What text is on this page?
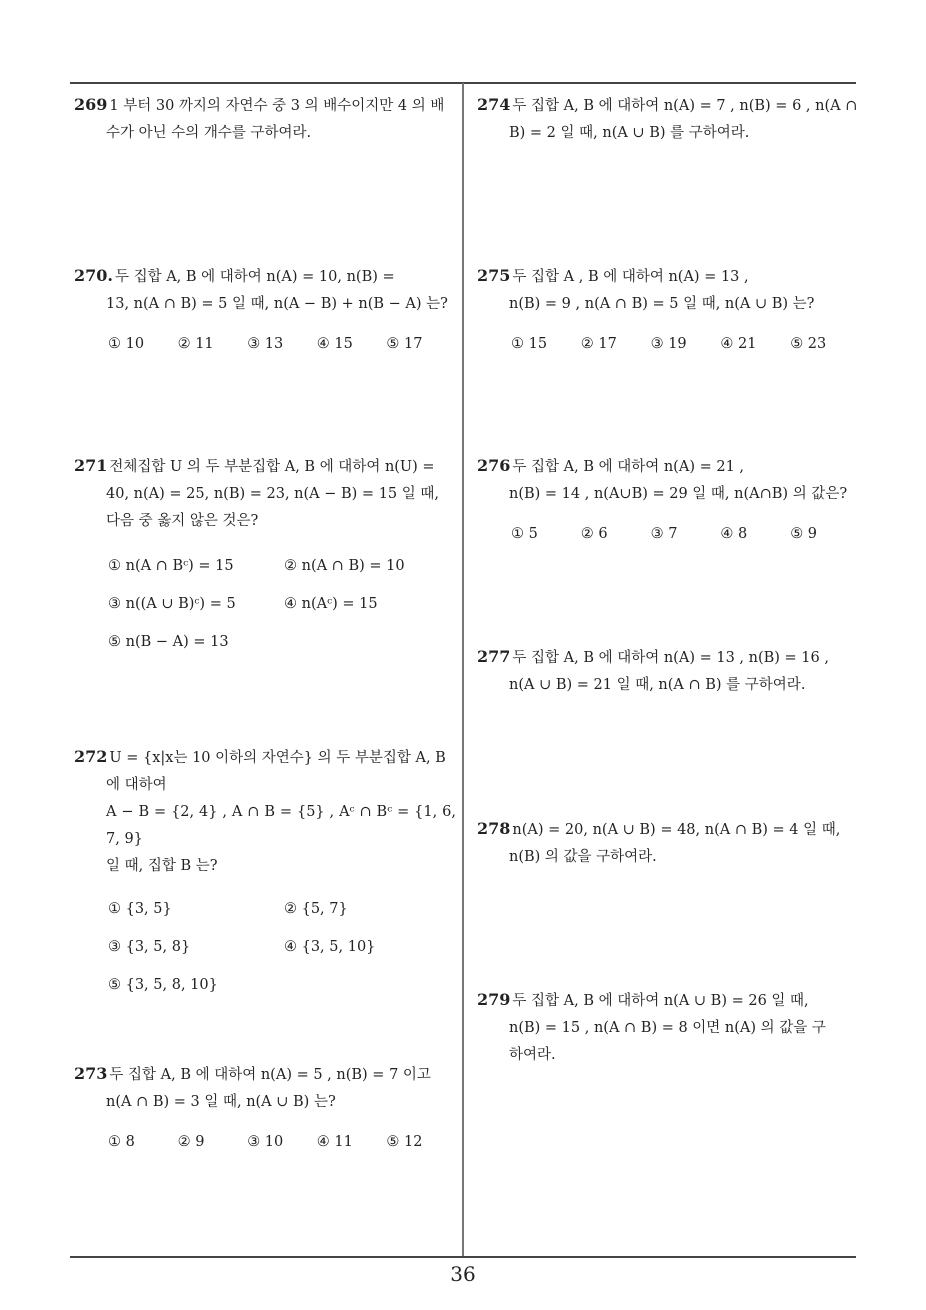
269 1 부터 30 까지의 자연수 중 3 의 배수이지만 4 의 배
수가 아닌 수의 개수를 구하여라.
270. 두 집합 A, B 에 대하여 n(A) = 10, n(B) =
13, n(A ∩ B) = 5 일 때, n(A − B) + n(B − A) 는?
① 10	② 11	③ 13	④ 15	⑤ 17
271 전체집합 U 의 두 부분집합 A, B 에 대하여 n(U) =
40, n(A) = 25, n(B) = 23, n(A − B) = 15 일 때,
다음 중 옳지 않은 것은?
① n(A ∩ Bᶜ) = 15	② n(A ∩ B) = 10
③ n((A ∪ B)ᶜ) = 5	④ n(Aᶜ) = 15
⑤ n(B − A) = 13
272 U = {x|x는 10 이하의 자연수} 의 두 부분집합 A, B
에 대하여
A − B = {2, 4} , A ∩ B = {5} , Aᶜ ∩ Bᶜ = {1, 6, 7, 9}
일 때, 집합 B 는?
① {3, 5}	② {5, 7}
③ {3, 5, 8}	④ {3, 5, 10}
⑤ {3, 5, 8, 10}
273 두 집합 A, B 에 대하여 n(A) = 5 , n(B) = 7 이고
n(A ∩ B) = 3 일 때, n(A ∪ B) 는?
① 8	② 9	③ 10	④ 11	⑤ 12
274 두 집합 A, B 에 대하여 n(A) = 7 , n(B) = 6 , n(A ∩
B) = 2 일 때, n(A ∪ B) 를 구하여라.
275 두 집합 A , B 에 대하여 n(A) = 13 ,
n(B) = 9 , n(A ∩ B) = 5 일 때, n(A ∪ B) 는?
① 15	② 17	③ 19	④ 21	⑤ 23
276 두 집합 A, B 에 대하여 n(A) = 21 ,
n(B) = 14 , n(A∪B) = 29 일 때, n(A∩B) 의 값은?
① 5	② 6	③ 7	④ 8	⑤ 9
277 두 집합 A, B 에 대하여 n(A) = 13 , n(B) = 16 ,
n(A ∪ B) = 21 일 때, n(A ∩ B) 를 구하여라.
278 n(A) = 20, n(A ∪ B) = 48, n(A ∩ B) = 4 일 때,
n(B) 의 값을 구하여라.
279 두 집합 A, B 에 대하여 n(A ∪ B) = 26 일 때,
n(B) = 15 , n(A ∩ B) = 8 이면 n(A) 의 값을 구
하여라.
36
